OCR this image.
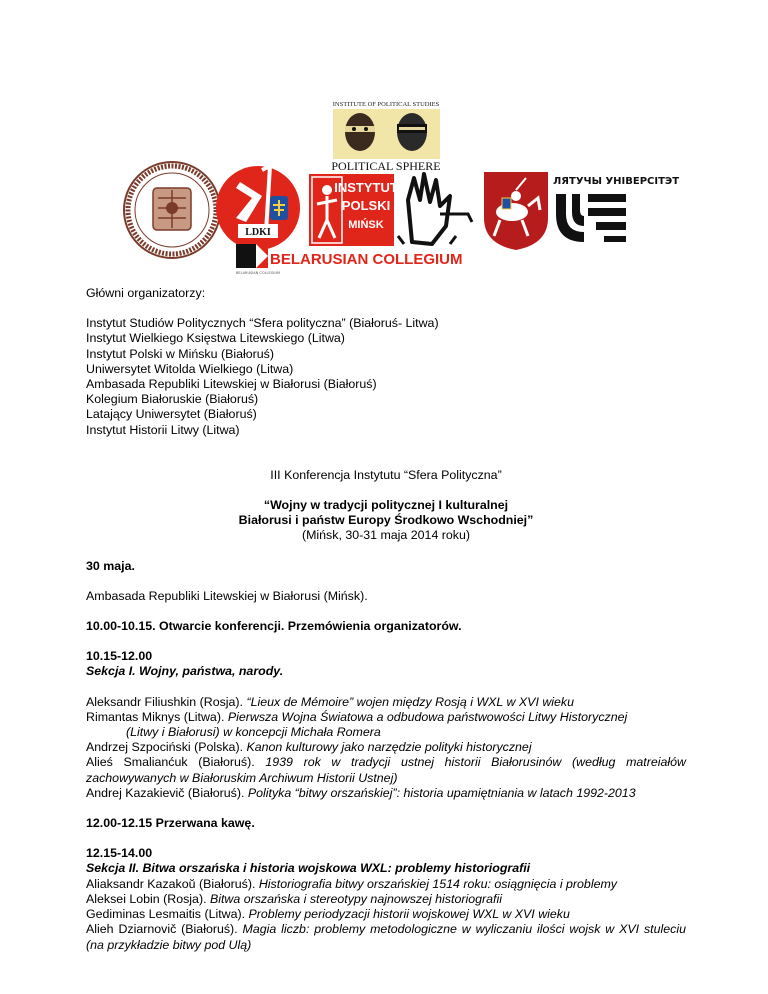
INSTITUTE OF POLITICAL STUDIES
POLITICAL SPHERE
LDKI
INSTYTUT
POLSKI
MIŃSK
ЛЯТУЧЫ УНІВЕРСІТЭТ
BELARUSIAN COLLEGIUM
BELARUSIAN COLLEGIUM

Główni organizatorzy:

Instytut Studiów Politycznych “Sfera polityczna” (Białoruś- Litwa)

Instytut Wielkiego Księstwa Litewskiego (Litwa)

Instytut Polski w Mińsku (Białoruś)

Uniwersytet Witolda Wielkiego (Litwa)

Ambasada Republiki Litewskiej w Białorusi (Białoruś)

Kolegium Białoruskie (Białoruś)

Latający Uniwersytet (Białoruś)

Instytut Historii Litwy (Litwa)

III Konferencja Instytutu “Sfera Polityczna”

“Wojny w tradycji politycznej I kulturalnej

Białorusi i państw Europy Środkowo Wschodniej”

(Mińsk, 30-31 maja 2014 roku)

30 maja.

Ambasada Republiki Litewskiej w Białorusi (Mińsk).

10.00-10.15. Otwarcie konferencji. Przemówienia organizatorów.

10.15-12.00

Sekcja I. Wojny, państwa, narody.

Aleksandr Filiushkin (Rosja). “Lieux de Mémoire” wojen między Rosją i WXL w XVI wieku

Rimantas Miknys (Litwa). Pierwsza Wojna Światowa a odbudowa państwowości Litwy Historycznej

(Litwy i Białorusi) w koncepcji Michała Romera

Andrzej Szpociński (Polska). Kanon kulturowy jako narzędzie polityki historycznej

Alieś Smalianćuk (Białoruś). 1939 rok w tradycji ustnej historii Białorusinów (według matreiałów zachowywanych w Białoruskim Archiwum Historii Ustnej)

Andrej Kazakievič (Białoruś). Polityka “bitwy orszańskiej”: historia upamiętniania w latach 1992-2013

12.00-12.15 Przerwana kawę.

12.15-14.00

Sekcja II. Bitwa orszańska i historia wojskowa WXL: problemy historiografii

Aliaksandr Kazakoŭ (Białoruś). Historiografia bitwy orszańskiej 1514 roku: osiągnięcia i problemy

Aleksei Lobin (Rosja). Bitwa orszańska i stereotypy najnowszej historiografii

Gediminas Lesmaitis (Litwa). Problemy periodyzacji historii wojskowej WXL w XVI wieku

Alieh Dziarnovič (Białoruś). Magia liczb: problemy metodologiczne w wyliczaniu ilości wojsk w XVI stuleciu (na przykładzie bitwy pod Ulą)
